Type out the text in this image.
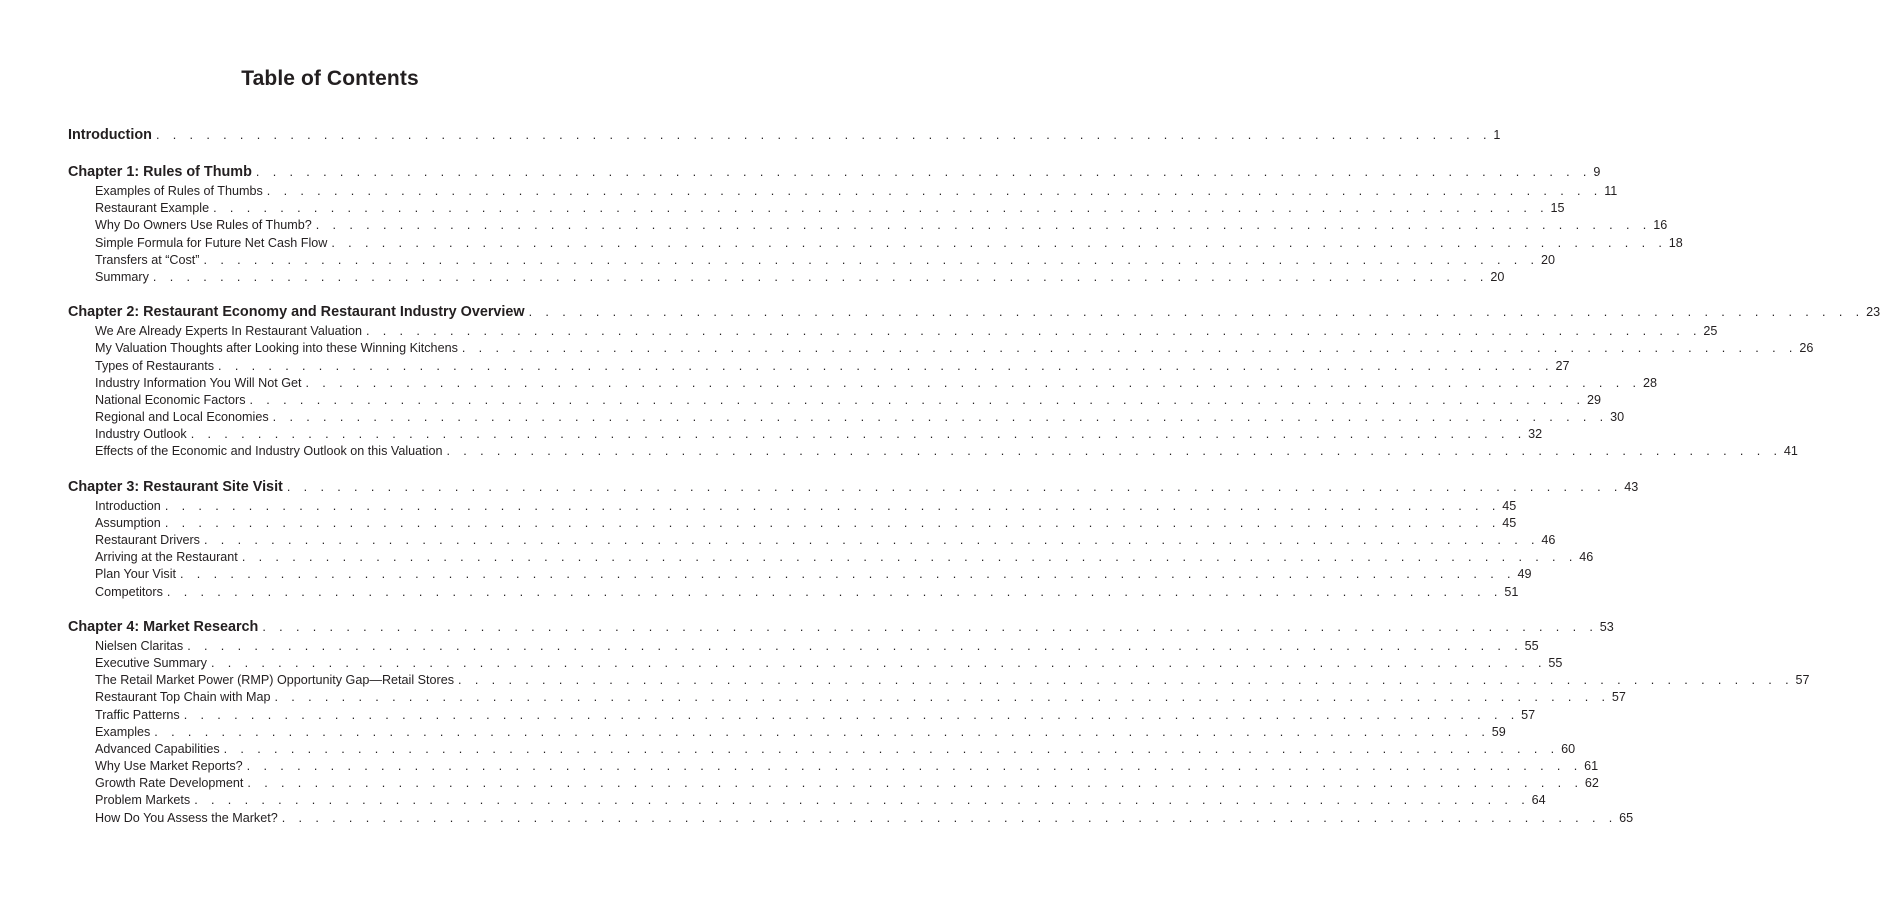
Table of Contents
Introduction . . . . . . . . . . . . . . . . . . . . . . . . . . . . . . . . . . . . . . . . . . . . . . . . . . . . . . . . . . . . . . . . . . . . . . . . . . . . . . . . 1
Chapter 1: Rules of Thumb . . . . . . . . . . . . . . . . . . . . . . . . . . . . . . . . . . . . . . . . . . . . . . . . . . . . . . . . . . . . . . . . . . . . . . . . . . . . . . . . 9
Examples of Rules of Thumbs . . . . . . . . . . . . . . . . . . . . . . . . . . . . . . . . . . . . . . . . . . . . . . . . . . . . . . . . . . . . . . . . . . . . . . . . . . . . . . . . 11
Restaurant Example . . . . . . . . . . . . . . . . . . . . . . . . . . . . . . . . . . . . . . . . . . . . . . . . . . . . . . . . . . . . . . . . . . . . . . . . . . . . . . . . 15
Why Do Owners Use Rules of Thumb? . . . . . . . . . . . . . . . . . . . . . . . . . . . . . . . . . . . . . . . . . . . . . . . . . . . . . . . . . . . . . . . . . . . . . . . . . . . . . . . . 16
Simple Formula for Future Net Cash Flow . . . . . . . . . . . . . . . . . . . . . . . . . . . . . . . . . . . . . . . . . . . . . . . . . . . . . . . . . . . . . . . . . . . . . . . . . . . . . . . . 18
Transfers at “Cost” . . . . . . . . . . . . . . . . . . . . . . . . . . . . . . . . . . . . . . . . . . . . . . . . . . . . . . . . . . . . . . . . . . . . . . . . . . . . . . . . 20
Summary . . . . . . . . . . . . . . . . . . . . . . . . . . . . . . . . . . . . . . . . . . . . . . . . . . . . . . . . . . . . . . . . . . . . . . . . . . . . . . . . 20
Chapter 2: Restaurant Economy and Restaurant Industry Overview . . . . . . . . . . . . . . . . . . . . . . . . . . . . . . . . . . . . . . . . . . . . . . . . . . . . . . . . . . . . . . . . . . . . . . . . . . . . . . . . 23
We Are Already Experts In Restaurant Valuation . . . . . . . . . . . . . . . . . . . . . . . . . . . . . . . . . . . . . . . . . . . . . . . . . . . . . . . . . . . . . . . . . . . . . . . . . . . . . . . . 25
My Valuation Thoughts after Looking into these Winning Kitchens . . . . . . . . . . . . . . . . . . . . . . . . . . . . . . . . . . . . . . . . . . . . . . . . . . . . . . . . . . . . . . . . . . . . . . . . . . . . . . . . 26
Types of Restaurants . . . . . . . . . . . . . . . . . . . . . . . . . . . . . . . . . . . . . . . . . . . . . . . . . . . . . . . . . . . . . . . . . . . . . . . . . . . . . . . . 27
Industry Information You Will Not Get . . . . . . . . . . . . . . . . . . . . . . . . . . . . . . . . . . . . . . . . . . . . . . . . . . . . . . . . . . . . . . . . . . . . . . . . . . . . . . . . 28
National Economic Factors . . . . . . . . . . . . . . . . . . . . . . . . . . . . . . . . . . . . . . . . . . . . . . . . . . . . . . . . . . . . . . . . . . . . . . . . . . . . . . . . 29
Regional and Local Economies . . . . . . . . . . . . . . . . . . . . . . . . . . . . . . . . . . . . . . . . . . . . . . . . . . . . . . . . . . . . . . . . . . . . . . . . . . . . . . . . 30
Industry Outlook . . . . . . . . . . . . . . . . . . . . . . . . . . . . . . . . . . . . . . . . . . . . . . . . . . . . . . . . . . . . . . . . . . . . . . . . . . . . . . . . 32
Effects of the Economic and Industry Outlook on this Valuation . . . . . . . . . . . . . . . . . . . . . . . . . . . . . . . . . . . . . . . . . . . . . . . . . . . . . . . . . . . . . . . . . . . . . . . . . . . . . . . . 41
Chapter 3: Restaurant Site Visit . . . . . . . . . . . . . . . . . . . . . . . . . . . . . . . . . . . . . . . . . . . . . . . . . . . . . . . . . . . . . . . . . . . . . . . . . . . . . . . . 43
Introduction . . . . . . . . . . . . . . . . . . . . . . . . . . . . . . . . . . . . . . . . . . . . . . . . . . . . . . . . . . . . . . . . . . . . . . . . . . . . . . . . 45
Assumption . . . . . . . . . . . . . . . . . . . . . . . . . . . . . . . . . . . . . . . . . . . . . . . . . . . . . . . . . . . . . . . . . . . . . . . . . . . . . . . . 45
Restaurant Drivers . . . . . . . . . . . . . . . . . . . . . . . . . . . . . . . . . . . . . . . . . . . . . . . . . . . . . . . . . . . . . . . . . . . . . . . . . . . . . . . . 46
Arriving at the Restaurant . . . . . . . . . . . . . . . . . . . . . . . . . . . . . . . . . . . . . . . . . . . . . . . . . . . . . . . . . . . . . . . . . . . . . . . . . . . . . . . . 46
Plan Your Visit . . . . . . . . . . . . . . . . . . . . . . . . . . . . . . . . . . . . . . . . . . . . . . . . . . . . . . . . . . . . . . . . . . . . . . . . . . . . . . . . 49
Competitors . . . . . . . . . . . . . . . . . . . . . . . . . . . . . . . . . . . . . . . . . . . . . . . . . . . . . . . . . . . . . . . . . . . . . . . . . . . . . . . . 51
Chapter 4: Market Research . . . . . . . . . . . . . . . . . . . . . . . . . . . . . . . . . . . . . . . . . . . . . . . . . . . . . . . . . . . . . . . . . . . . . . . . . . . . . . . . 53
Nielsen Claritas . . . . . . . . . . . . . . . . . . . . . . . . . . . . . . . . . . . . . . . . . . . . . . . . . . . . . . . . . . . . . . . . . . . . . . . . . . . . . . . . 55
Executive Summary . . . . . . . . . . . . . . . . . . . . . . . . . . . . . . . . . . . . . . . . . . . . . . . . . . . . . . . . . . . . . . . . . . . . . . . . . . . . . . . . 55
The Retail Market Power (RMP) Opportunity Gap—Retail Stores . . . . . . . . . . . . . . . . . . . . . . . . . . . . . . . . . . . . . . . . . . . . . . . . . . . . . . . . . . . . . . . . . . . . . . . . . . . . . . . . 57
Restaurant Top Chain with Map . . . . . . . . . . . . . . . . . . . . . . . . . . . . . . . . . . . . . . . . . . . . . . . . . . . . . . . . . . . . . . . . . . . . . . . . . . . . . . . . 57
Traffic Patterns . . . . . . . . . . . . . . . . . . . . . . . . . . . . . . . . . . . . . . . . . . . . . . . . . . . . . . . . . . . . . . . . . . . . . . . . . . . . . . . . 57
Examples . . . . . . . . . . . . . . . . . . . . . . . . . . . . . . . . . . . . . . . . . . . . . . . . . . . . . . . . . . . . . . . . . . . . . . . . . . . . . . . . 59
Advanced Capabilities . . . . . . . . . . . . . . . . . . . . . . . . . . . . . . . . . . . . . . . . . . . . . . . . . . . . . . . . . . . . . . . . . . . . . . . . . . . . . . . . 60
Why Use Market Reports? . . . . . . . . . . . . . . . . . . . . . . . . . . . . . . . . . . . . . . . . . . . . . . . . . . . . . . . . . . . . . . . . . . . . . . . . . . . . . . . . 61
Growth Rate Development . . . . . . . . . . . . . . . . . . . . . . . . . . . . . . . . . . . . . . . . . . . . . . . . . . . . . . . . . . . . . . . . . . . . . . . . . . . . . . . . 62
Problem Markets . . . . . . . . . . . . . . . . . . . . . . . . . . . . . . . . . . . . . . . . . . . . . . . . . . . . . . . . . . . . . . . . . . . . . . . . . . . . . . . . 64
How Do You Assess the Market? . . . . . . . . . . . . . . . . . . . . . . . . . . . . . . . . . . . . . . . . . . . . . . . . . . . . . . . . . . . . . . . . . . . . . . . . . . . . . . . . 65
